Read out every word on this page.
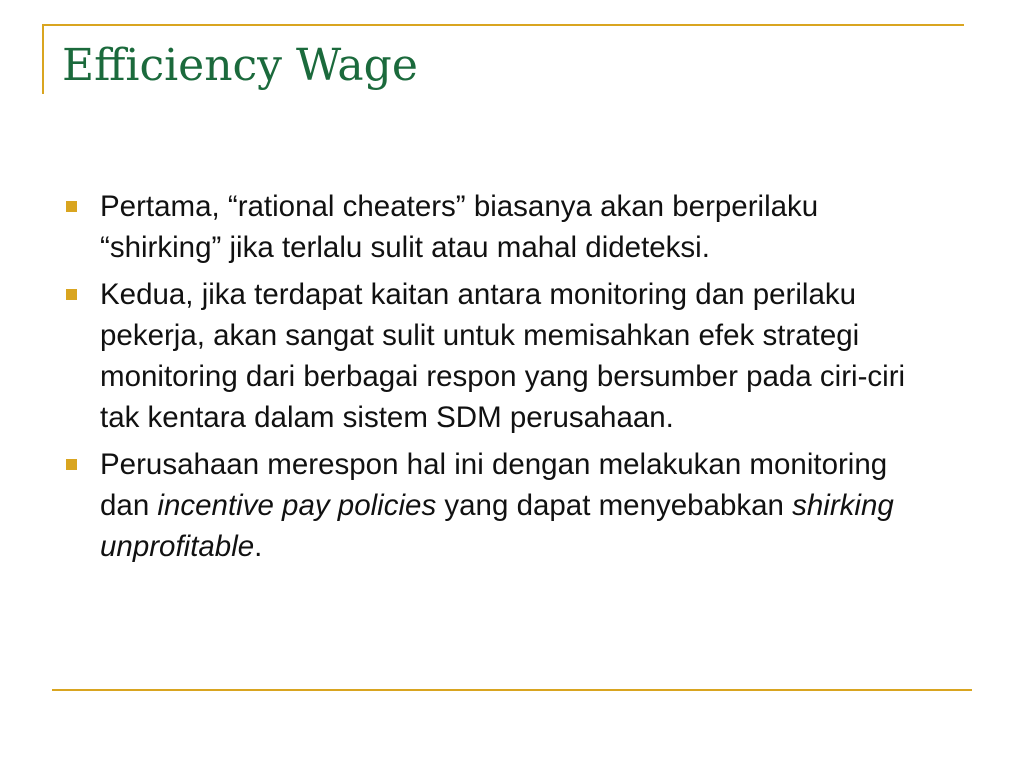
Efficiency Wage
Pertama, “rational cheaters” biasanya akan berperilaku “shirking” jika terlalu sulit atau mahal dideteksi.
Kedua, jika terdapat kaitan antara monitoring dan perilaku pekerja, akan sangat sulit untuk memisahkan efek strategi monitoring dari berbagai respon yang bersumber pada ciri-ciri tak kentara dalam sistem SDM perusahaan.
Perusahaan merespon hal ini dengan melakukan monitoring dan incentive pay policies yang dapat menyebabkan shirking unprofitable.
